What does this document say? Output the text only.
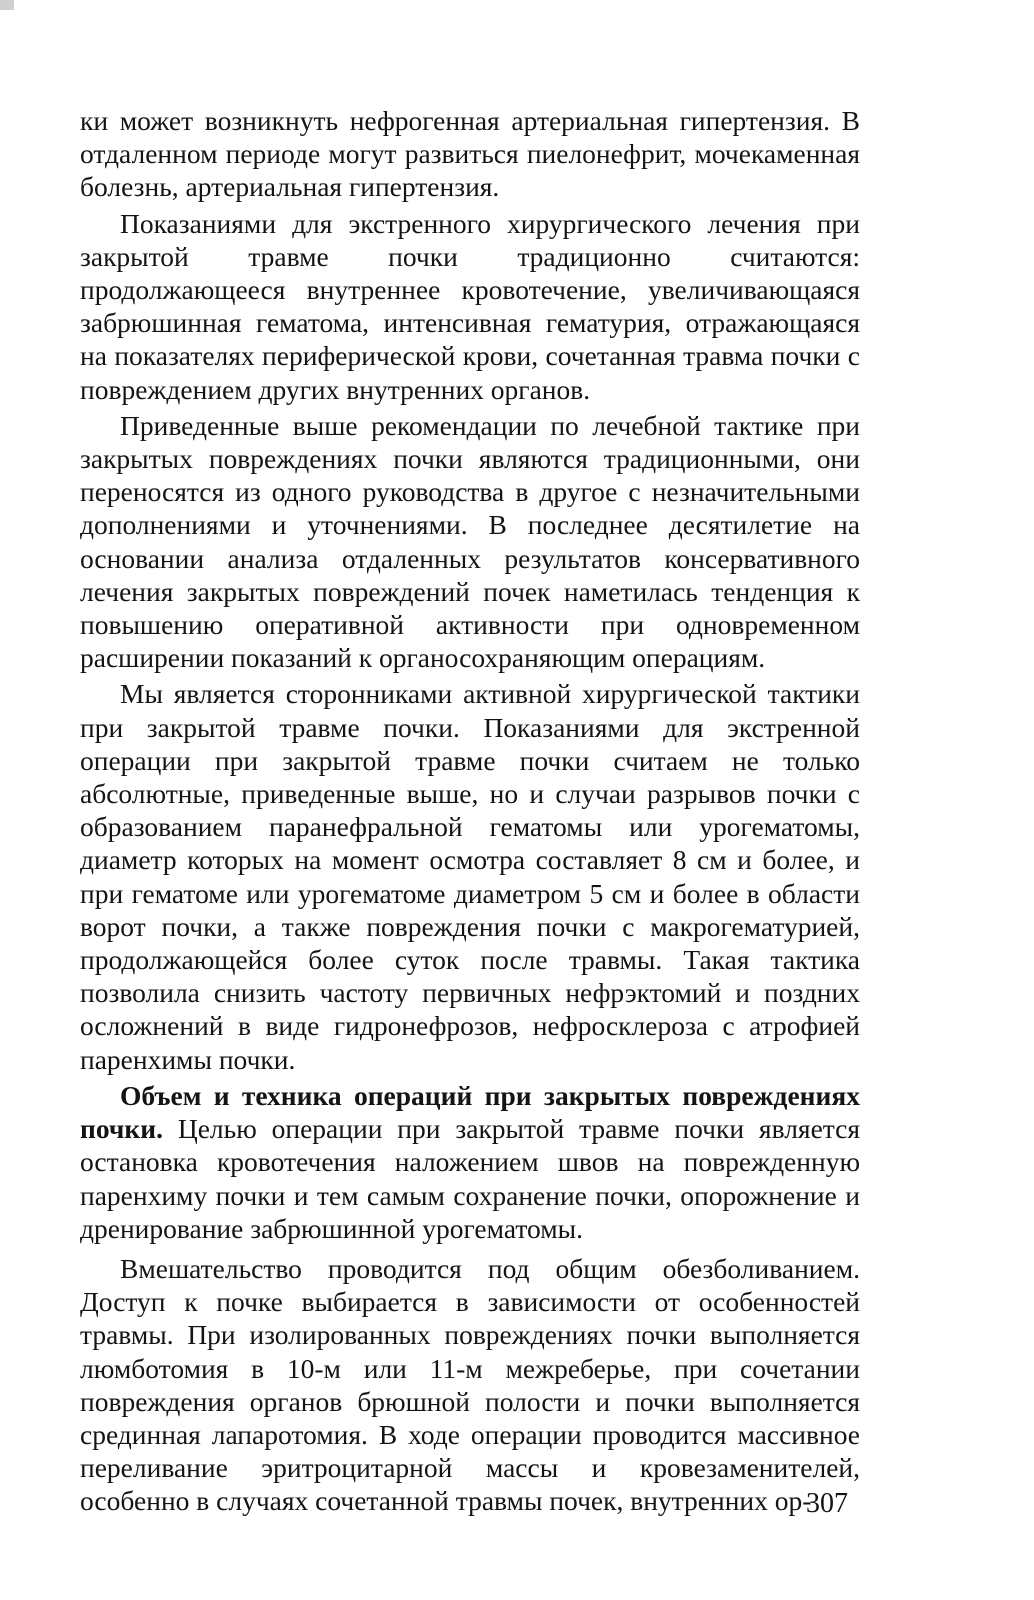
ки может возникнуть нефрогенная артериальная гипертензия. В отдаленном периоде могут развиться пиелонефрит, мочекаменная болезнь, артериальная гипертензия.

Показаниями для экстренного хирургического лечения при закрытой травме почки традиционно считаются: продолжающееся внутреннее кровотечение, увеличивающаяся забрюшинная гематома, интенсивная гематурия, отражающаяся на показателях периферической крови, сочетанная травма почки с повреждением других внутренних органов.

Приведенные выше рекомендации по лечебной тактике при закрытых повреждениях почки являются традиционными, они переносятся из одного руководства в другое с незначительными дополнениями и уточнениями. В последнее десятилетие на основании анализа отдаленных результатов консервативного лечения закрытых повреждений почек наметилась тенденция к повышению оперативной активности при одновременном расширении показаний к органосохраняющим операциям.

Мы является сторонниками активной хирургической тактики при закрытой травме почки. Показаниями для экстренной операции при закрытой травме почки считаем не только абсолютные, приведенные выше, но и случаи разрывов почки с образованием паранефральной гематомы или урогематомы, диаметр которых на момент осмотра составляет 8 см и более, и при гематоме или урогематоме диаметром 5 см и более в области ворот почки, а также повреждения почки с макрогематурией, продолжающейся более суток после травмы. Такая тактика позволила снизить частоту первичных нефрэктомий и поздних осложнений в виде гидронефрозов, нефросклероза с атрофией паренхимы почки.

Объем и техника операций при закрытых повреждениях почки. Целью операции при закрытой травме почки является остановка кровотечения наложением швов на поврежденную паренхиму почки и тем самым сохранение почки, опорожнение и дренирование забрюшинной урогематомы.

Вмешательство проводится под общим обезболиванием. Доступ к почке выбирается в зависимости от особенностей травмы. При изолированных повреждениях почки выполняется люмботомия в 10-м или 11-м межреберье, при сочетании повреждения органов брюшной полости и почки выполняется срединная лапаротомия. В ходе операции проводится массивное переливание эритроцитарной массы и кровезаменителей, особенно в случаях сочетанной травмы почек, внутренних ор-

307
